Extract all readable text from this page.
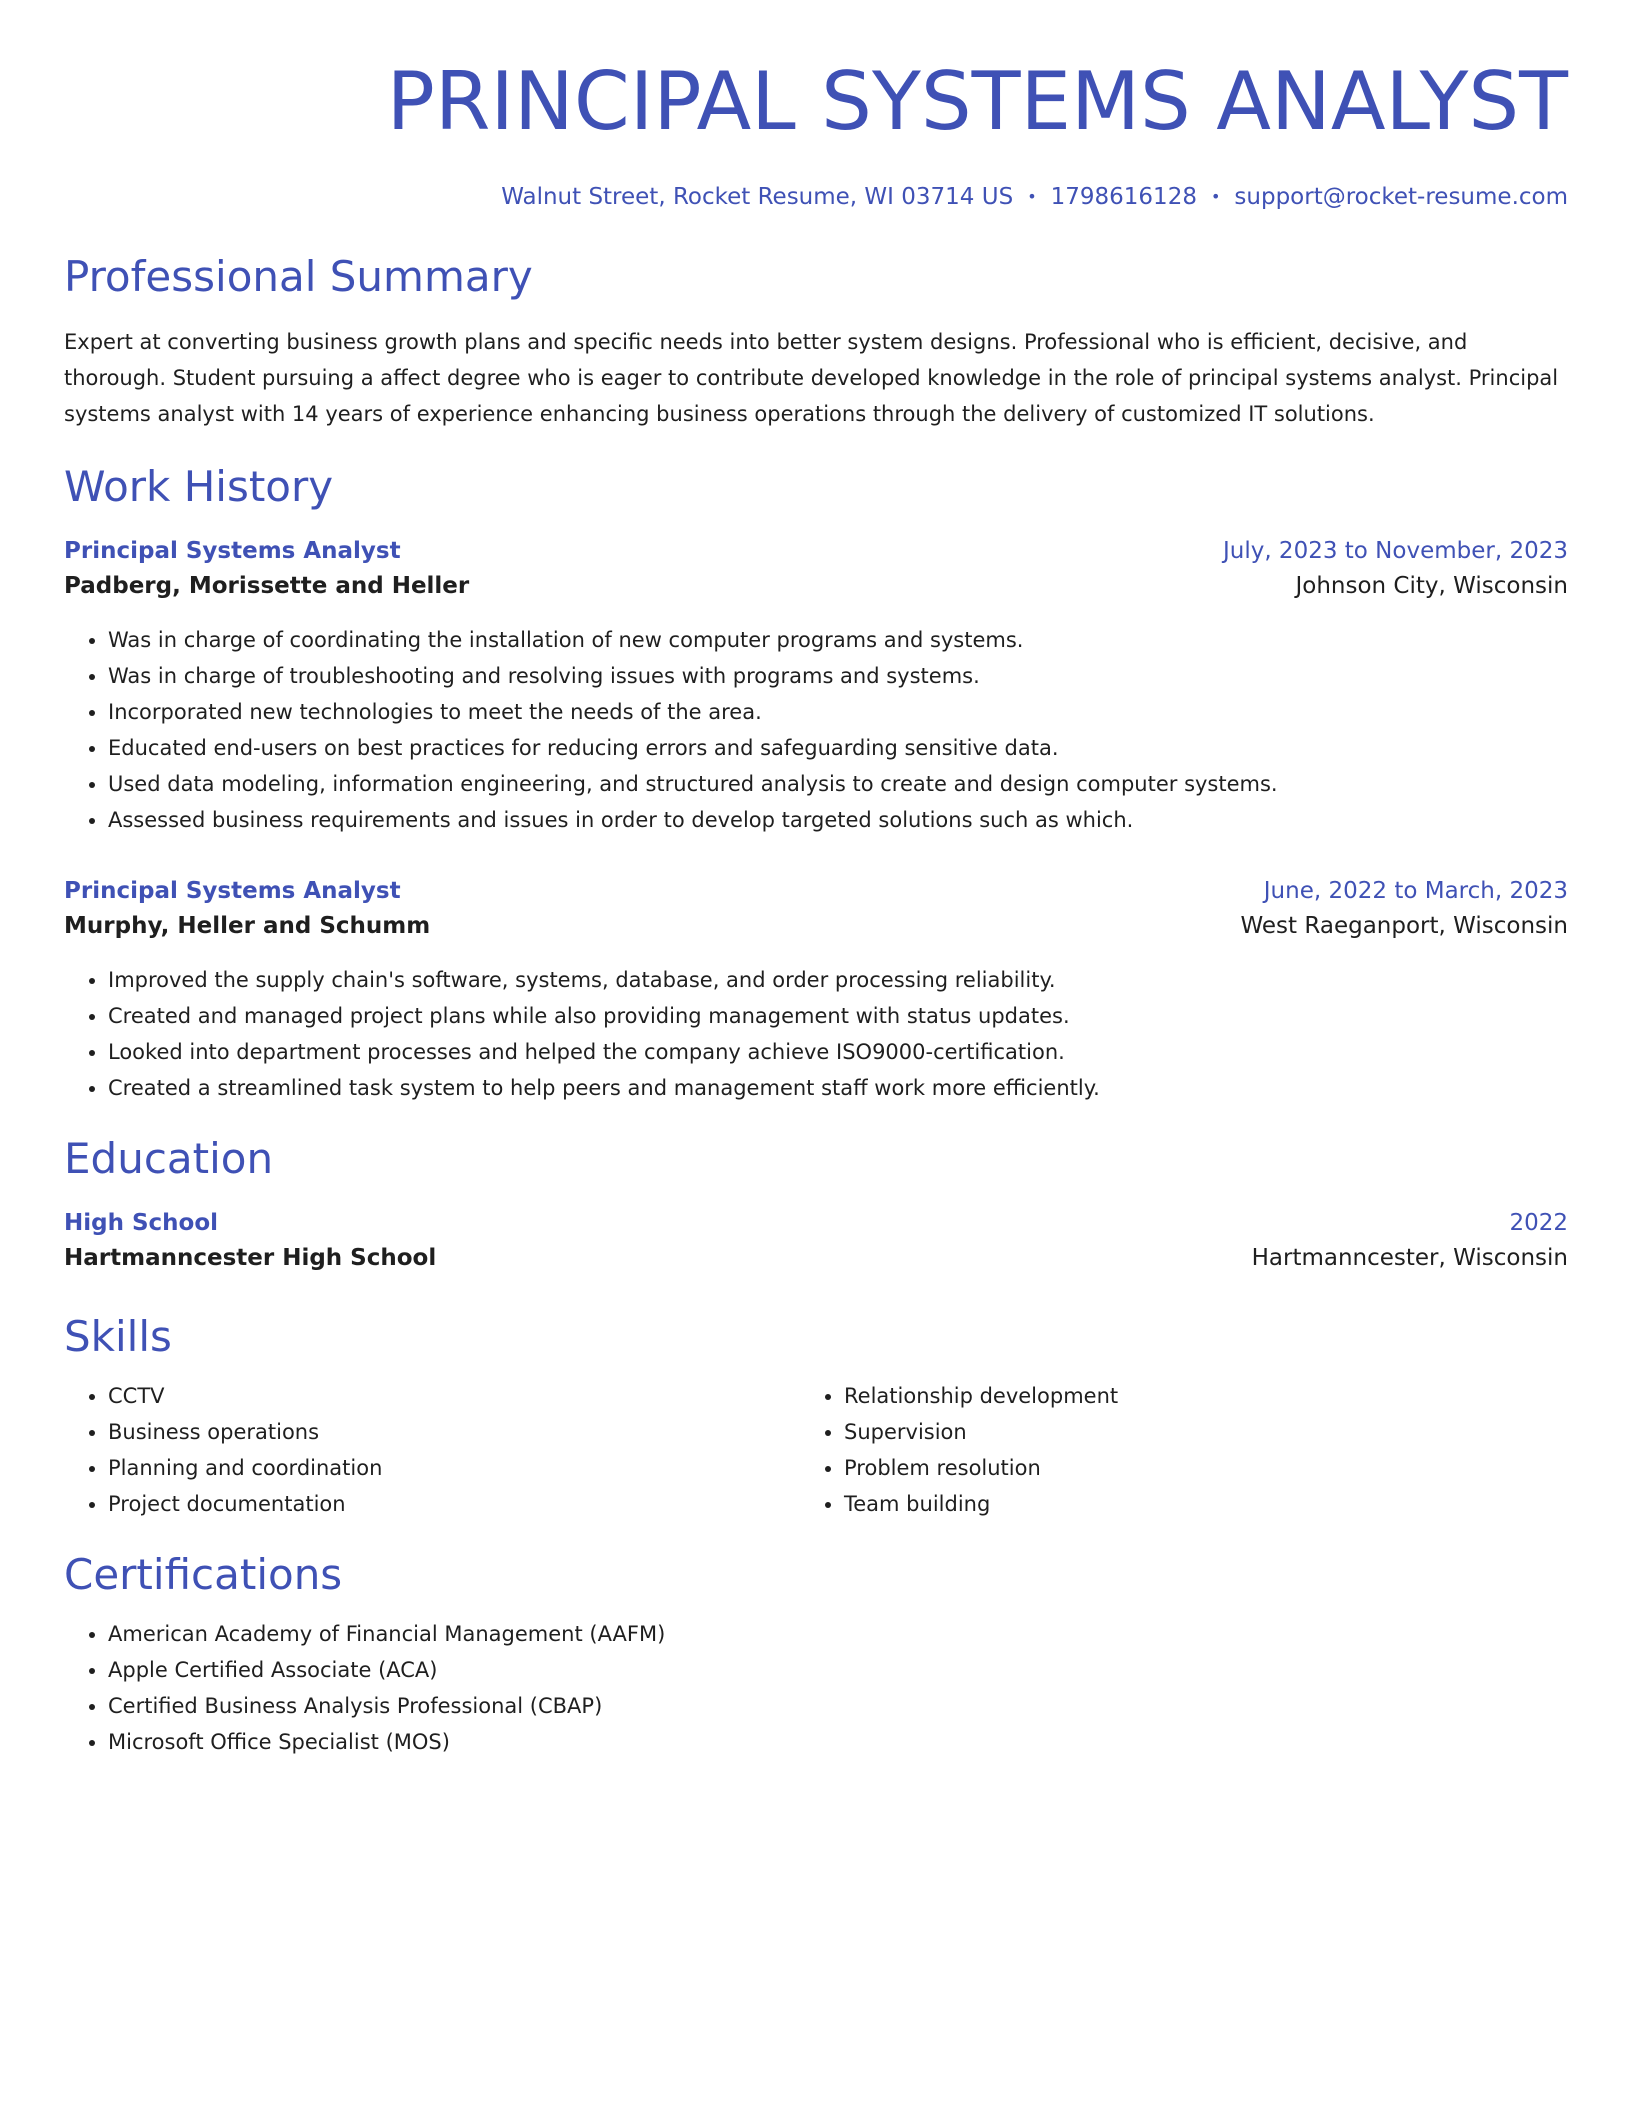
PRINCIPAL SYSTEMS ANALYST
Walnut Street, Rocket Resume, WI 03714 US • 1798616128 • support@rocket-resume.com
Professional Summary

Expert at converting business growth plans and specific needs into better system designs. Professional who is efficient, decisive, and thorough. Student pursuing a affect degree who is eager to contribute developed knowledge in the role of principal systems analyst. Principal systems analyst with 14 years of experience enhancing business operations through the delivery of customized IT solutions.

Work History
Principal Systems Analyst	July, 2023 to November, 2023
Padberg, Morissette and Heller	Johnson City, Wisconsin
• Was in charge of coordinating the installation of new computer programs and systems.
• Was in charge of troubleshooting and resolving issues with programs and systems.
• Incorporated new technologies to meet the needs of the area.
• Educated end-users on best practices for reducing errors and safeguarding sensitive data.
• Used data modeling, information engineering, and structured analysis to create and design computer systems.
• Assessed business requirements and issues in order to develop targeted solutions such as which.
Principal Systems Analyst	June, 2022 to March, 2023
Murphy, Heller and Schumm	West Raeganport, Wisconsin
• Improved the supply chain's software, systems, database, and order processing reliability.
• Created and managed project plans while also providing management with status updates.
• Looked into department processes and helped the company achieve ISO9000-certification.
• Created a streamlined task system to help peers and management staff work more efficiently.
Education
High School	2022
Hartmanncester High School	Hartmanncester, Wisconsin
Skills
• CCTV
• Business operations
• Planning and coordination
• Project documentation
• Relationship development
• Supervision
• Problem resolution
• Team building
Certifications
• American Academy of Financial Management (AAFM)
• Apple Certified Associate (ACA)
• Certified Business Analysis Professional (CBAP)
• Microsoft Office Specialist (MOS)
